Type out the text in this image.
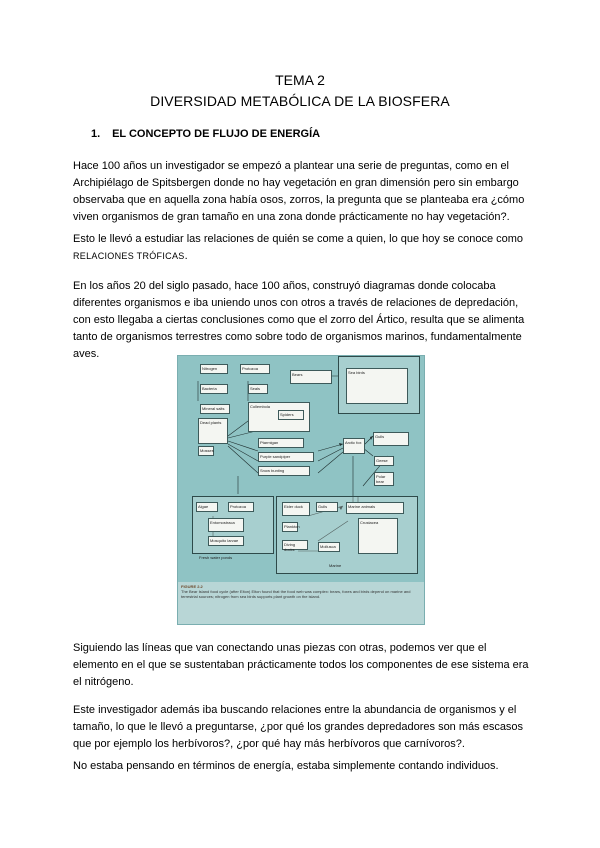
TEMA 2
DIVERSIDAD METABÓLICA DE LA BIOSFERA
1. EL CONCEPTO DE FLUJO DE ENERGÍA
Hace 100 años un investigador se empezó a plantear una serie de preguntas, como en el Archipiélago de Spitsbergen donde no hay vegetación en gran dimensión pero sin embargo observaba que en aquella zona había osos, zorros, la pregunta que se planteaba era ¿cómo viven organismos de gran tamaño en una zona donde prácticamente no hay vegetación?.
Esto le llevó a estudiar las relaciones de quién se come a quien, lo que hoy se conoce como RELACIONES TRÓFICAS.
En los años 20 del siglo pasado, hace 100 años, construyó diagramas donde colocaba diferentes organismos e iba uniendo unos con otros a través de relaciones de depredación, con esto llegaba a ciertas conclusiones como que el zorro del Ártico, resulta que se alimenta tanto de organismos terrestres como sobre todo de organismos marinos, fundamentalmente aves.
Nitrogen	Protozoa
Bears
Bacteria	Seals
Sea birds
Mineral salts
Dead plants
Mosses
Collembola
Spiders
Ptarmigan
Purple sandpiper
Snow bunting
Arctic fox
Gulls
Geese
Polar bear
Algae	Protozoa
Entomostraca
Mosquito larvae
Eider duck	Gulls
Plankton
Diving ducks
Marine animals
Crustacea
Mollusca
Fresh water ponds
Marine
FIGURE 2.2
The Bear Island food cycle (after Elton) Elton found that the food web was complex: bears, foxes and birds depend on marine and terrestrial sources; nitrogen from sea birds supports plant growth on the island.
Siguiendo las líneas que van conectando unas piezas con otras, podemos ver que el elemento en el que se sustentaban prácticamente todos los componentes de ese sistema era el nitrógeno.
Este investigador además iba buscando relaciones entre la abundancia de organismos y el tamaño, lo que le llevó a preguntarse, ¿por qué los grandes depredadores son más escasos que por ejemplo los herbívoros?, ¿por qué hay más herbívoros que carnívoros?.
No estaba pensando en términos de energía, estaba simplemente contando individuos.
